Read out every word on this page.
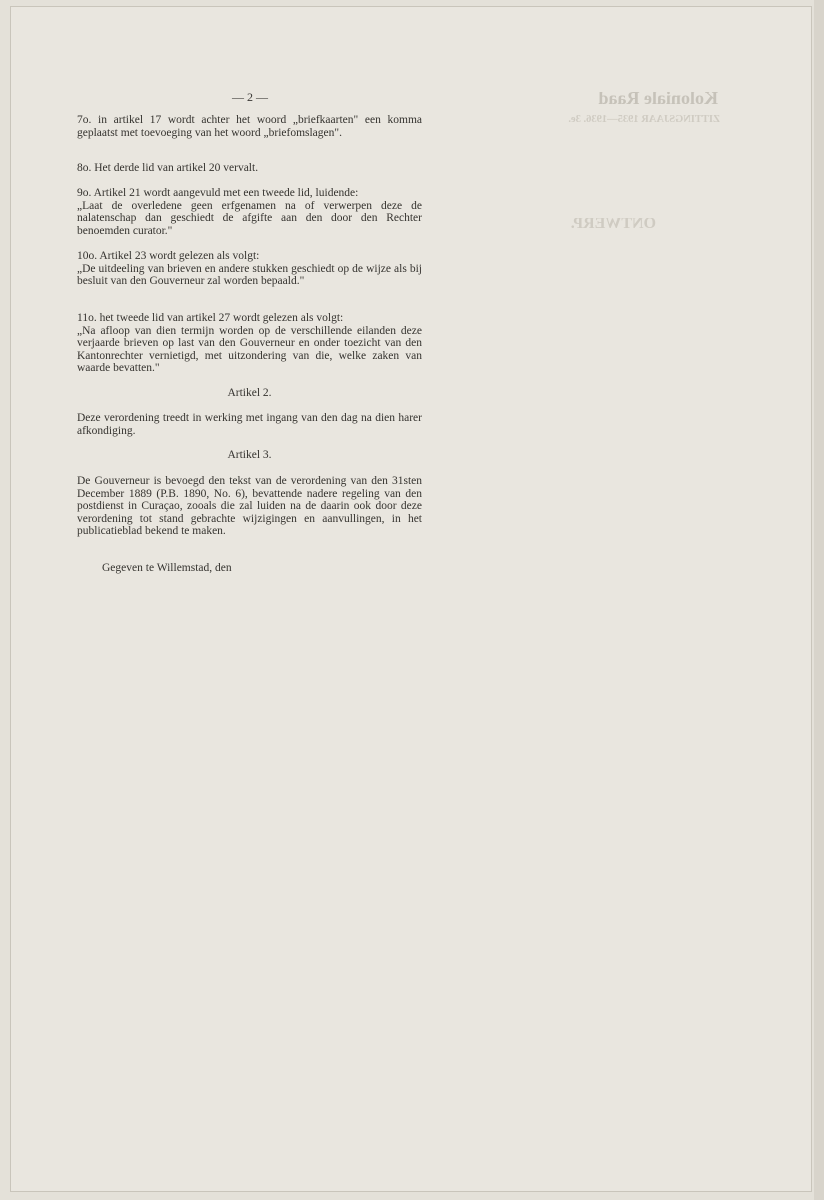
Koloniale Raad
ZITTINGSJAAR 1935—1936. 3e.
ONTWERP.
— 2 —

7o. in artikel 17 wordt achter het woord „briefkaarten" een komma geplaatst met toevoeging van het woord „briefomslagen".

8o. Het derde lid van artikel 20 vervalt.

9o. Artikel 21 wordt aangevuld met een tweede lid, luidende:

„Laat de overledene geen erfgenamen na of verwerpen deze de nalatenschap dan geschiedt de afgifte aan den door den Rechter benoemden curator."

10o. Artikel 23 wordt gelezen als volgt:

„De uitdeeling van brieven en andere stukken geschiedt op de wijze als bij besluit van den Gouverneur zal worden bepaald."

11o. het tweede lid van artikel 27 wordt gelezen als volgt:

„Na afloop van dien termijn worden op de verschillende eilanden deze verjaarde brieven op last van den Gouverneur en onder toezicht van den Kantonrechter vernietigd, met uitzondering van die, welke zaken van waarde bevatten."

Artikel 2.
Deze verordening treedt in werking met ingang van den dag na dien harer afkondiging.
Artikel 3.
De Gouverneur is bevoegd den tekst van de verordening van den 31sten December 1889 (P.B. 1890, No. 6), bevattende nadere regeling van den postdienst in Curaçao, zooals die zal luiden na de daarin ook door deze verordening tot stand gebrachte wijzigingen en aanvullingen, in het publicatieblad bekend te maken.
Gegeven te Willemstad, den
